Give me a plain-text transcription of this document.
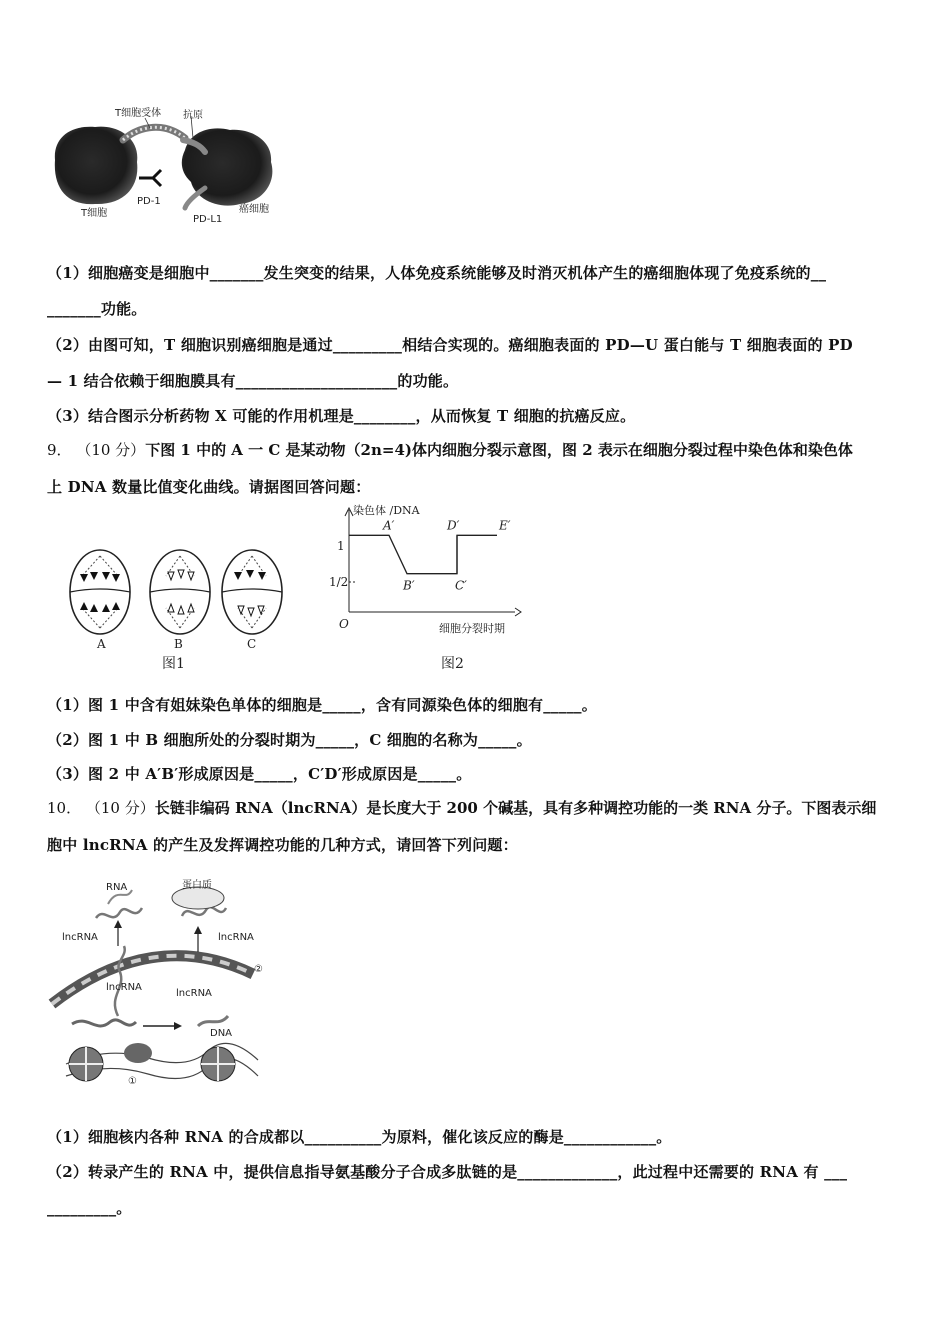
T细胞受体 抗原
T细胞
PD-1
PD-L1
癌细胞
（1）细胞癌变是细胞中_______发生突变的结果，人体免疫系统能够及时消灭机体产生的癌细胞体现了免疫系统的__
_______功能。
（2）由图可知，T 细胞识别癌细胞是通过_________相结合实现的。癌细胞表面的 PD—U 蛋白能与 T 细胞表面的 PD
— 1 结合依赖于细胞膜具有_____________________的功能。
（3）结合图示分析药物 X 可能的作用机理是________，从而恢复 T 细胞的抗癌反应。
9． （10 分）下图 1 中的 A 一 C 是某动物（2n=4)体内细胞分裂示意图，图 2 表示在细胞分裂过程中染色体和染色体
上 DNA 数量比值变化曲线。请据图回答问题：
A	B	C
图1
染色体 /DNA
细胞分裂时期
O
1
1/2
A′
B′	C′
D′	E′
图2
（1）图 1 中含有姐妹染色单体的细胞是_____，含有同源染色体的细胞有_____。
（2）图 1 中 B 细胞所处的分裂时期为_____，C 细胞的名称为_____。
（3）图 2 中 A′B′形成原因是_____，C′D′形成原因是_____。
10． （10 分）长链非编码 RNA（lncRNA）是长度大于 200 个碱基，具有多种调控功能的一类 RNA 分子。下图表示细
胞中 lncRNA 的产生及发挥调控功能的几种方式，请回答下列问题：
RNA	蛋白质
lncRNA	lncRNA
lncRNA
lncRNA
DNA
①
②
（1）细胞核内各种 RNA 的合成都以__________为原料，催化该反应的酶是____________。
（2）转录产生的 RNA 中，提供信息指导氨基酸分子合成多肽链的是_____________，此过程中还需要的 RNA 有 ___
_________。
